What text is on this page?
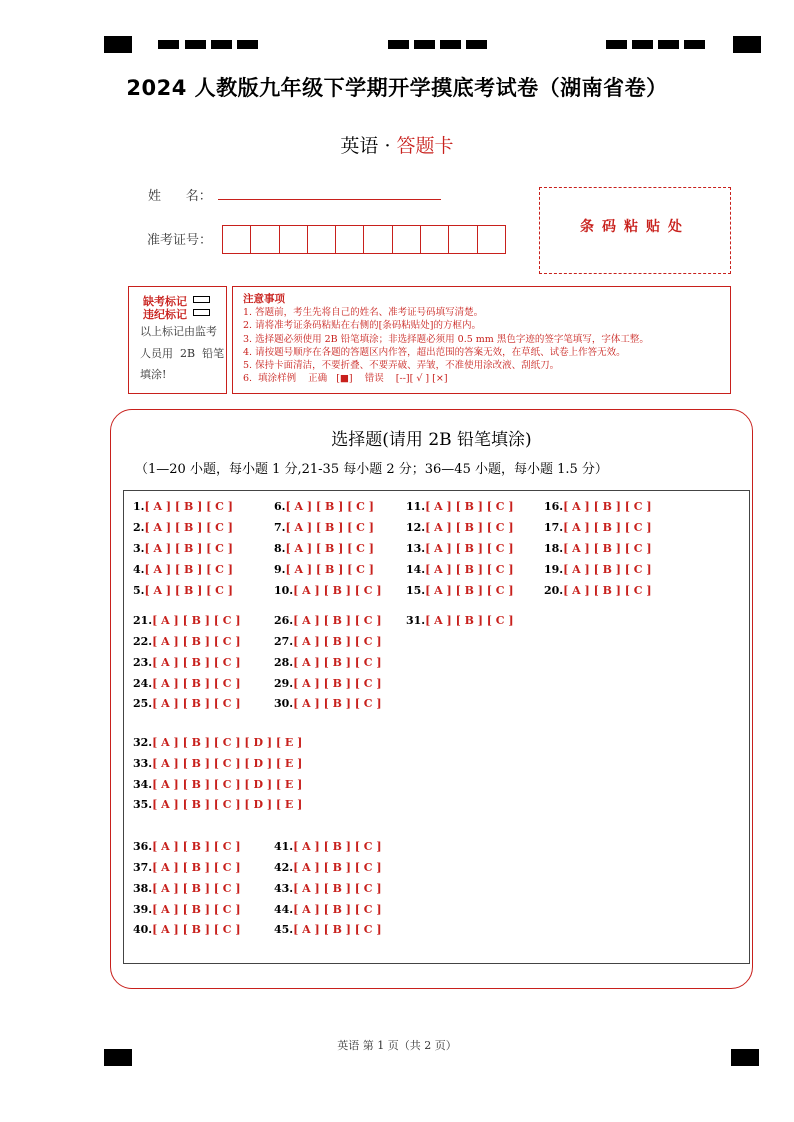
2024 人教版九年级下学期开学摸底考试卷（湖南省卷）
英语 · 答题卡
姓      名：
准考证号：
条码粘贴处
缺考标记
违纪标记
以上标记由监考
人员用  2B  铅笔
填涂!
注意事项
1. 答题前，考生先将自己的姓名、准考证号码填写清楚。
2. 请将准考证条码粘贴在右侧的[条码粘贴处]的方框内。
3. 选择题必须使用 2B 铅笔填涂；非选择题必须用 0.5 mm 黑色字迹的签字笔填写，字体工整。
4. 请按题号顺序在各题的答题区内作答，超出范围的答案无效，在草纸、试卷上作答无效。
5. 保持卡面清洁，不要折叠、不要弄破、弄皱，不准使用涂改液、刮纸刀。
6.  填涂样例    正确   [■]    错误    [--][ √ ] [×]
选择题(请用 2B 铅笔填涂)
（1—20 小题，每小题 1 分,21-35 每小题 2 分；36—45 小题，每小题 1.5 分）
1.[ A ] [ B ] [ C ]
2.[ A ] [ B ] [ C ]
3.[ A ] [ B ] [ C ]
4.[ A ] [ B ] [ C ]
5.[ A ] [ B ] [ C ]
6.[ A ] [ B ] [ C ]
7.[ A ] [ B ] [ C ]
8.[ A ] [ B ] [ C ]
9.[ A ] [ B ] [ C ]
10.[ A ] [ B ] [ C ]
11.[ A ] [ B ] [ C ]
12.[ A ] [ B ] [ C ]
13.[ A ] [ B ] [ C ]
14.[ A ] [ B ] [ C ]
15.[ A ] [ B ] [ C ]
16.[ A ] [ B ] [ C ]
17.[ A ] [ B ] [ C ]
18.[ A ] [ B ] [ C ]
19.[ A ] [ B ] [ C ]
20.[ A ] [ B ] [ C ]
21.[ A ] [ B ] [ C ]
22.[ A ] [ B ] [ C ]
23.[ A ] [ B ] [ C ]
24.[ A ] [ B ] [ C ]
25.[ A ] [ B ] [ C ]
26.[ A ] [ B ] [ C ]
27.[ A ] [ B ] [ C ]
28.[ A ] [ B ] [ C ]
29.[ A ] [ B ] [ C ]
30.[ A ] [ B ] [ C ]
31.[ A ] [ B ] [ C ]
32.[ A ] [ B ] [ C ] [ D ] [ E ]
33.[ A ] [ B ] [ C ] [ D ] [ E ]
34.[ A ] [ B ] [ C ] [ D ] [ E ]
35.[ A ] [ B ] [ C ] [ D ] [ E ]
36.[ A ] [ B ] [ C ]
37.[ A ] [ B ] [ C ]
38.[ A ] [ B ] [ C ]
39.[ A ] [ B ] [ C ]
40.[ A ] [ B ] [ C ]
41.[ A ] [ B ] [ C ]
42.[ A ] [ B ] [ C ]
43.[ A ] [ B ] [ C ]
44.[ A ] [ B ] [ C ]
45.[ A ] [ B ] [ C ]
英语 第 1 页（共 2 页）
